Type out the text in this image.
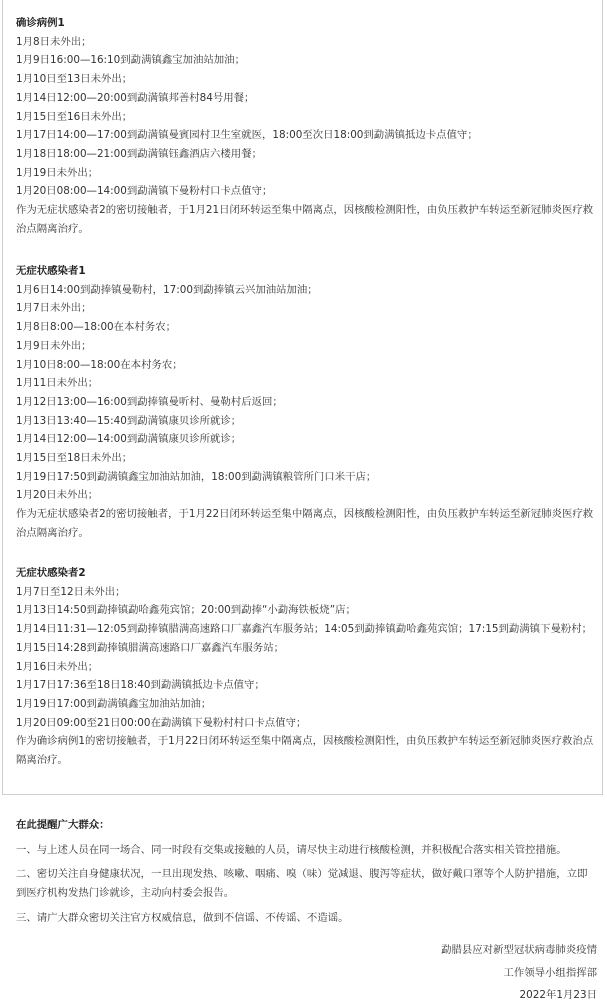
确诊病例1
1月8日未外出；
1月9日16:00—16:10到勐满镇鑫宝加油站加油；
1月10日至13日未外出；
1月14日12:00—20:00到勐满镇邦善村84号用餐；
1月15日至16日未外出；
1月17日14:00—17:00到勐满镇曼賓园村卫生室就医，18:00至次日18:00到勐满镇抵边卡点值守；
1月18日18:00—21:00到勐满镇钰鑫酒店六楼用餐；
1月19日未外出；
1月20日08:00—14:00到勐满镇下曼粉村口卡点值守；
作为无症状感染者2的密切接触者，于1月21日闭环转运至集中隔离点，因核酸检测阳性，由负压救护车转运至新冠肺炎医疗救治点隔离治疗。
无症状感染者1
1月6日14:00到勐捧镇曼勒村，17:00到勐捧镇云兴加油站加油；
1月7日未外出；
1月8日8:00—18:00在本村务农；
1月9日未外出；
1月10日8:00—18:00在本村务农；
1月11日未外出；
1月12日13:00—16:00到勐捧镇曼听村、曼勒村后返回；
1月13日13:40—15:40到勐满镇康贝诊所就诊；
1月14日12:00—14:00到勐满镇康贝诊所就诊；
1月15日至18日未外出；
1月19日17:50到勐满镇鑫宝加油站加油，18:00到勐满镇粮管所门口米干店；
1月20日未外出；
作为无症状感染者2的密切接触者，于1月22日闭环转运至集中隔离点，因核酸检测阳性，由负压救护车转运至新冠肺炎医疗救治点隔离治疗。
无症状感染者2
1月7日至12日未外出；
1月13日14:50到勐捧镇勐哈鑫苑宾馆；20:00到勐捧“小勐海铁板烧”店；
1月14日11:31—12:05到勐捧镇腊满高速路口厂嘉鑫汽车服务站；14:05到勐捧镇勐哈鑫苑宾馆；17:15到勐满镇下曼粉村；
1月15日14:28到勐捧镇腊满高速路口厂嘉鑫汽车服务站；
1月16日未外出；
1月17日17:36至18日18:40到勐满镇抵边卡点值守；
1月19日17:00到勐满镇鑫宝加油站加油；
1月20日09:00至21日00:00在勐满镇下曼粉村村口卡点值守；
作为确诊病例1的密切接触者，于1月22日闭环转运至集中隔离点，因核酸检测阳性，由负压救护车转运至新冠肺炎医疗救治点隔离治疗。
在此提醒广大群众：
一、与上述人员在同一场合、同一时段有交集或接触的人员，请尽快主动进行核酸检测，并积极配合落实相关管控措施。
二、密切关注自身健康状况，一旦出现发热、咳嗽、咽痛、嗅（味）觉减退、腹泻等症状，做好戴口罩等个人防护措施，立即到医疗机构发热门诊就诊，主动向村委会报告。
三、请广大群众密切关注官方权威信息，做到不信谣、不传谣、不造谣。
勐腊县应对新型冠状病毒肺炎疫情
工作领导小组指挥部
2022年1月23日
